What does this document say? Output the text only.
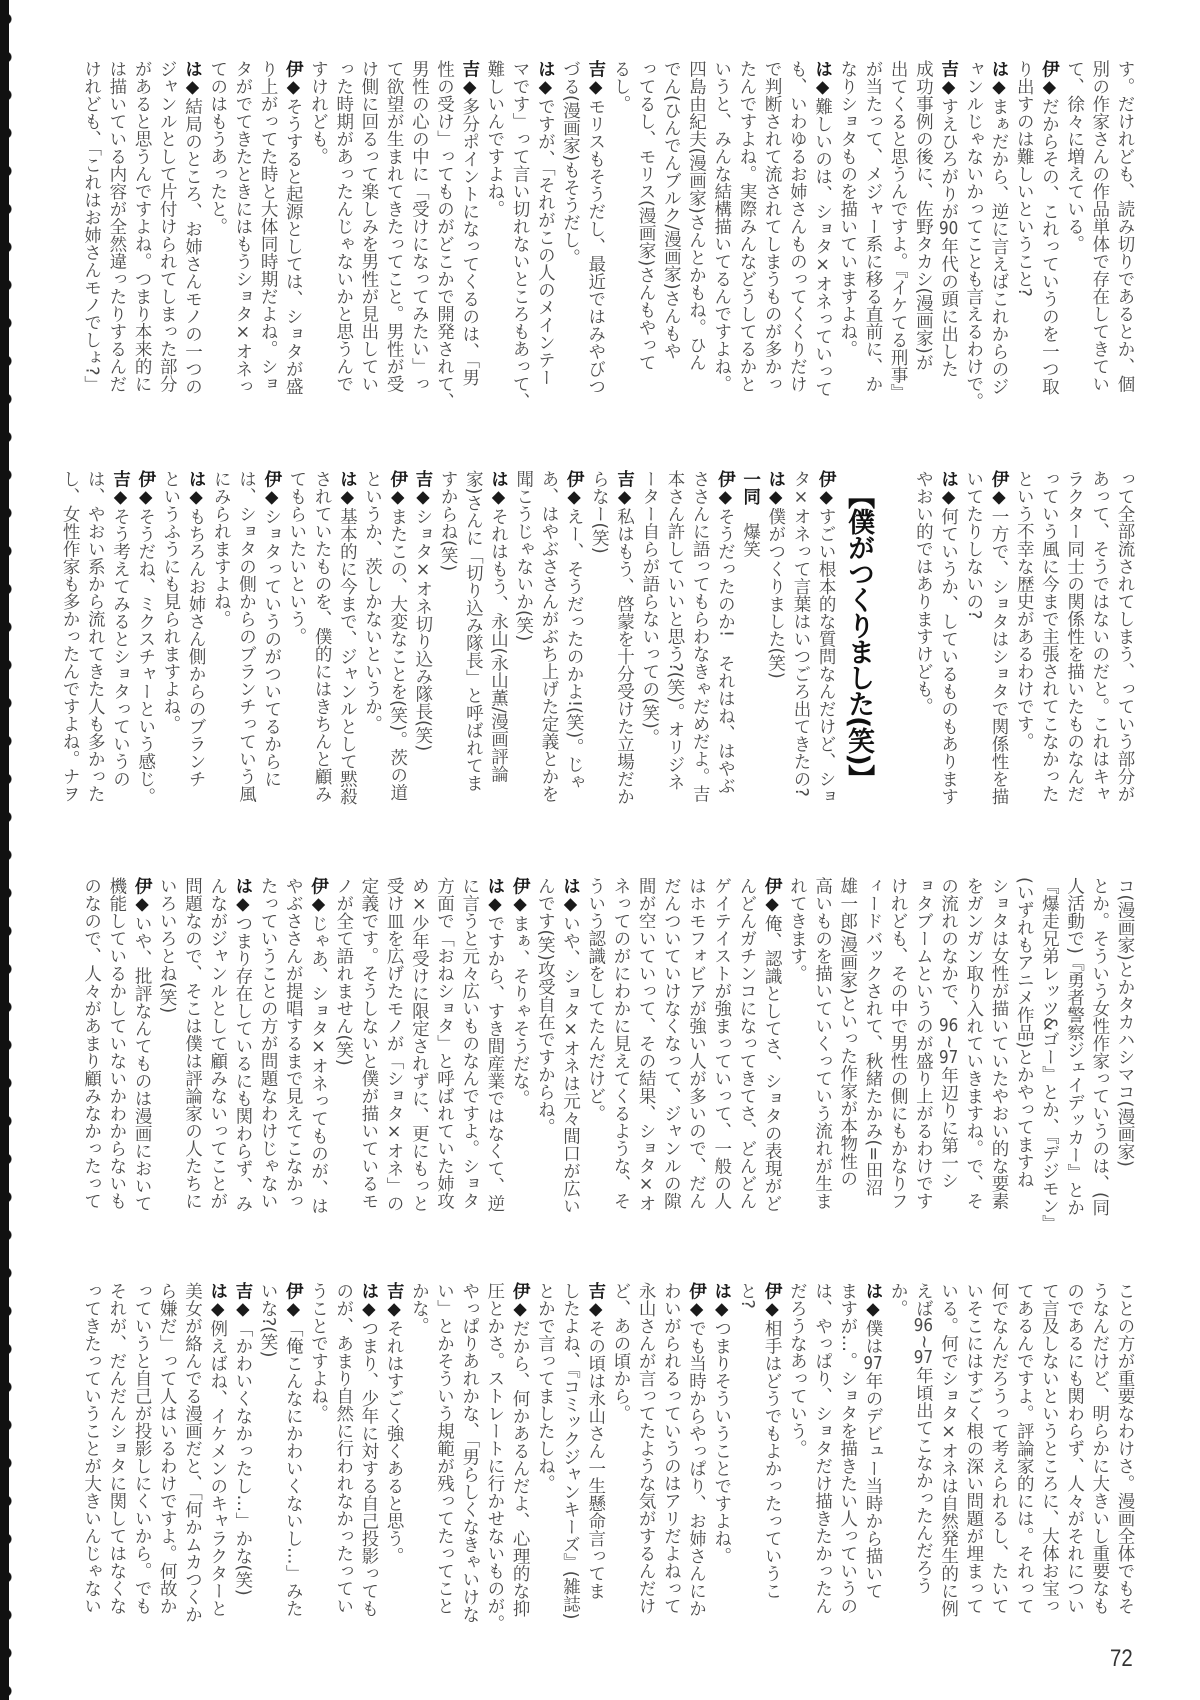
す。だけれども、読み切りであるとか、個
別の作家さんの作品単体で存在してきてい
て、徐々に増えている。
伊◆だからその、これっていうのを一つ取
り出すのは難しいということ?
は◆まぁだから、逆に言えばこれからのジ
ャンルじゃないかってことも言えるわけで。
吉◆すえひろがりが90年代の頭に出した
成功事例の後に、佐野タカシ(漫画家)が
出てくると思うんですよ。『イケてる刑事』
が当たって、メジャー系に移る直前に、か
なりショタものを描いていますよね。
は◆難しいのは、ショタ×オネっていって
も、いわゆるお姉さんものってくくりだけ
で判断されて流されてしまうものが多かっ
たんですよね。実際みんなどうしてるかと
いうと、みんな結構描いてるんですよね。
四島由紀夫(漫画家)さんとかもね。ひん
でん(ひんでんブルク/漫画家)さんもや
ってるし、モリス(漫画家)さんもやって
るし。
吉◆モリスもそうだし、最近ではみやびつ
づる(漫画家)もそうだし。
は◆ですが、「それがこの人のメインテー
マです」って言い切れないところもあって、
難しいんですよね。
吉◆多分ポイントになってくるのは、「男
性の受け」ってものがどこかで開発されて、
男性の心の中に「受けになってみたい」っ
て欲望が生まれてきたってこと。男性が受
け側に回るって楽しみを男性が見出してい
った時期があったんじゃないかと思うんで
すけれども。
伊◆そうすると起源としては、ショタが盛
り上がってた時と大体同時期だよね。ショ
タがでてきたときにはもうショタ×オネっ
てのはもうあったと。
は◆結局のところ、お姉さんモノの一つの
ジャンルとして片付けられてしまった部分
があると思うんですよね。つまり本来的に
は描いている内容が全然違ったりするんだ
けれども、「これはお姉さんモノでしょ?」
って全部流されてしまう、っていう部分が
あって、そうではないのだと。これはキャ
ラクター同士の関係性を描いたものなんだ
っていう風に今まで主張されてこなかった
という不幸な歴史があるわけです。
伊◆一方で、ショタはショタで関係性を描
いてたりしないの?
は◆何ていうか、しているものもあります
やおい的ではありますけども。
【僕がつくりました(笑)】
伊◆すごい根本的な質問なんだけど、ショ
タ×オネって言葉はいつごろ出てきたの?
は◆僕がつくりました(笑)
一同　爆笑
伊◆そうだったのか!　それはね、はやぶ
ささんに語ってもらわなきゃだめだよ。吉
本さん許していいと思う?(笑)。オリジネ
ーター自らが語らないっての(笑)。
吉◆私はもう、啓蒙を十分受けた立場だか
らなー(笑)
伊◆えー、そうだったのかよ!(笑)。じゃ
あ、はやぶささんがぶち上げた定義とかを
聞こうじゃないか(笑)
は◆それはもう、永山(永山薫/漫画評論
家)さんに「切り込み隊長」と呼ばれてま
すからね(笑)
吉◆ショタ×オネ切り込み隊長(笑)
伊◆またこの、大変なことを(笑)。茨の道
というか、茨しかないというか。
は◆基本的に今まで、ジャンルとして黙殺
されていたものを、僕的にはきちんと顧み
てもらいたいという。
伊◆ショタっていうのがついてるからに
は、ショタの側からのブランチっていう風
にみられますよね。
は◆もちろんお姉さん側からのブランチ
というふうにも見られますよね。
伊◆そうだね、ミクスチャーという感じ。
吉◆そう考えてみるとショタっていうの
は、やおい系から流れてきた人も多かった
し、女性作家も多かったんですよね。ナヲ
コ(漫画家)とかタカハシマコ(漫画家)
とか。そういう女性作家っていうのは、(同
人活動で)『勇者警察ジェイデッカー』とか
『爆走兄弟レッツ&ゴー』とか、『デジモン』
(いずれもアニメ作品)とかやってますね
ショタは女性が描いていたやおい的な要素
をガンガン取り入れていきますね。で、そ
の流れのなかで、96~97年辺りに第一シ
ョタブームというのが盛り上がるわけです
けれども、その中で男性の側にもかなりフ
ィードバックされて、秋緒たかみ(=田沼
雄一郎/漫画家)といった作家が本物性の
高いものを描いていくっていう流れが生ま
れてきます。
伊◆俺、認識としてさ、ショタの表現がど
んどんガチンコになってきてさ、どんどん
ゲイテイストが強まっていって、一般の人
はホモフォビアが強い人が多いので、だん
だんついていけなくなって、ジャンルの隙
間が空いていって、その結果、ショタ×オ
ネってのがにわかに見えてくるような、そ
ういう認識をしてたんだけど。
は◆いや、ショタ×オネは元々間口が広い
んです(笑)攻受自在ですからね。
伊◆まぁ、そりゃそうだな。
は◆ですから、すき間産業ではなくて、逆
に言うと元々広いものなんですよ。ショタ
方面で「おねショタ」と呼ばれていた姉攻
め×少年受けに限定されずに、更にもっと
受け皿を広げたモノが「ショタ×オネ」の
定義です。そうしないと僕が描いているモ
ノが全て語れません(笑)
伊◆じゃあ、ショタ×オネってものが、は
やぶささんが提唱するまで見えてこなかっ
たっていうことの方が問題なわけじゃない
は◆つまり存在しているにも関わらず、み
んながジャンルとして顧みないってことが
問題なので、そこは僕は評論家の人たちに
いろいろとね(笑)
伊◆いや、批評なんてものは漫画において
機能しているかしていないかわからないも
のなので、人々があまり顧みなかったって
ことの方が重要なわけさ。漫画全体でもそ
うなんだけど、明らかに大きいし重要なも
のであるにも関わらず、人々がそれについ
て言及しないというところに、大体お宝っ
てあるんですよ。評論家的には。それって
何でなんだろうって考えられるし、たいて
いそこにはすごく根の深い問題が埋まって
いる。何でショタ×オネは自然発生的に例
えば96~97年頃出てこなかったんだろう
か。
は◆僕は97年のデビュー当時から描いて
ますが…。ショタを描きたい人っていうの
は、やっぱり、ショタだけ描きたかったん
だろうなあっていう。
伊◆相手はどうでもよかったっていうこ
と?
は◆つまりそういうことですよね。
伊◆でも当時からやっぱり、お姉さんにか
わいがられるっていうのはアリだよねって
永山さんが言ってたような気がするんだけ
ど、あの頃から。
吉◆その頃は永山さん一生懸命言ってま
したよね、『コミックジャンキーズ』(雑誌)
とかで言ってましたしね。
伊◆だから、何かあるんだよ、心理的な抑
圧とかさ。ストレートに行かせないものが。
やっぱりあれかな、「男らしくなきゃいけな
い」とかそういう規範が残ってたってこと
かな。
吉◆それはすごく強くあると思う。
は◆つまり、少年に対する自己投影っても
のが、あまり自然に行われなかったってい
うことですよね。
伊◆「俺こんなにかわいくないし…」みた
いな?(笑)
吉◆「かわいくなかったし…」かな(笑)
は◆例えばね、イケメンのキャラクターと
美女が絡んでる漫画だと、「何かムカつくか
ら嫌だ」って人はいるわけですよ。何故か
っていうと自己が投影しにくいから。でも
それが、だんだんショタに関してはなくな
ってきたっていうことが大きいんじゃない
72
